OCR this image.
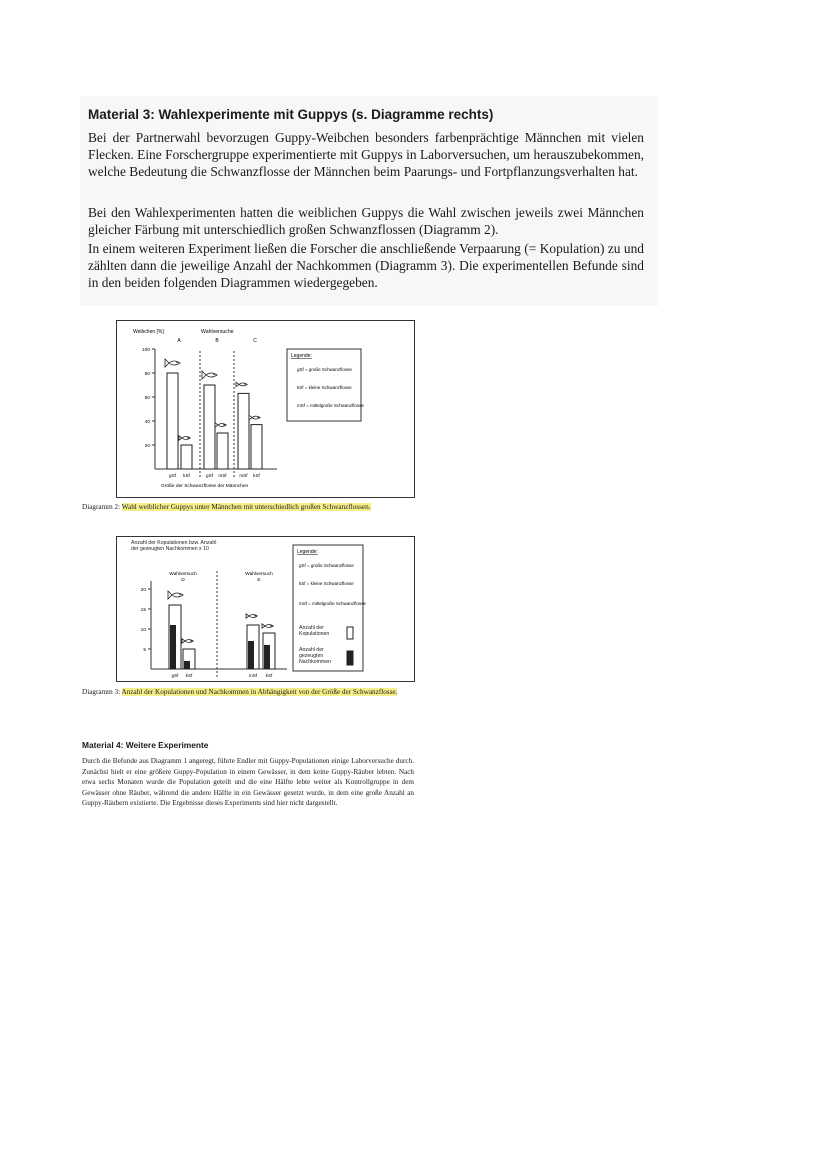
Material 3: Wahlexperimente mit Guppys (s. Diagramme rechts)
Bei der Partnerwahl bevorzugen Guppy-Weibchen besonders farbenprächtige Männchen mit vielen Flecken. Eine Forschergruppe experimentierte mit Guppys in Laborversuchen, um herauszubekommen, welche Bedeutung die Schwanzflosse der Männchen beim Paarungs- und Fortpflanzungsverhalten hat.
Bei den Wahlexperimenten hatten die weiblichen Guppys die Wahl zwischen jeweils zwei Männchen gleicher Färbung mit unterschiedlich großen Schwanzflossen (Diagramm 2).
In einem weiteren Experiment ließen die Forscher die anschließende Verpaarung (= Kopulation) zu und zählten dann die jeweilige Anzahl der Nachkommen (Diagramm 3). Die experimentellen Befunde sind in den beiden folgenden Diagrammen wiedergegeben.
Weibchen [%]	Wahlversuche
A	B	C
100
80
60
40
20
gSf kSf	gSf mSf	mSf kSf
Größe der Schwanzflosse der Männchen
Legende:
gSf = große Schwanzflosse
kSf = kleine Schwanzflosse
mSf = mittelgroße Schwanzflosse
Diagramm 2: Wahl weiblicher Guppys unter Männchen mit unterschiedlich großen Schwanzflossen.
Anzahl der Kopulationen bzw. Anzahl der gezeugten Nachkommen x 10
Wahlversuch
D
Wahlversuch
E
20
15
10
5
gSf kSf	mSf kSf
Legende:
gSf = große Schwanzflosse
kSf = kleine Schwanzflosse
mSf = mittelgroße Schwanzflosse
Anzahl der Kopulationen
Anzahl der gezeugten Nachkommen
Diagramm 3: Anzahl der Kopulationen und Nachkommen in Abhängigkeit von der Größe der Schwanzflosse.
Material 4: Weitere Experimente
Durch die Befunde aus Diagramm 1 angeregt, führte Endler mit Guppy-Populationen einige Laborversuche durch. Zunächst hielt er eine größere Guppy-Population in einem Gewässer, in dem keine Guppy-Räuber lebten. Nach etwa sechs Monaten wurde die Population geteilt und die eine Hälfte lebte weiter als Kontrollgruppe in dem Gewässer ohne Räuber, während die andere Hälfte in ein Gewässer gesetzt wurde, in dem eine große Anzahl an Guppy-Räubern existierte. Die Ergebnisse dieses Experiments sind hier nicht dargestellt.
